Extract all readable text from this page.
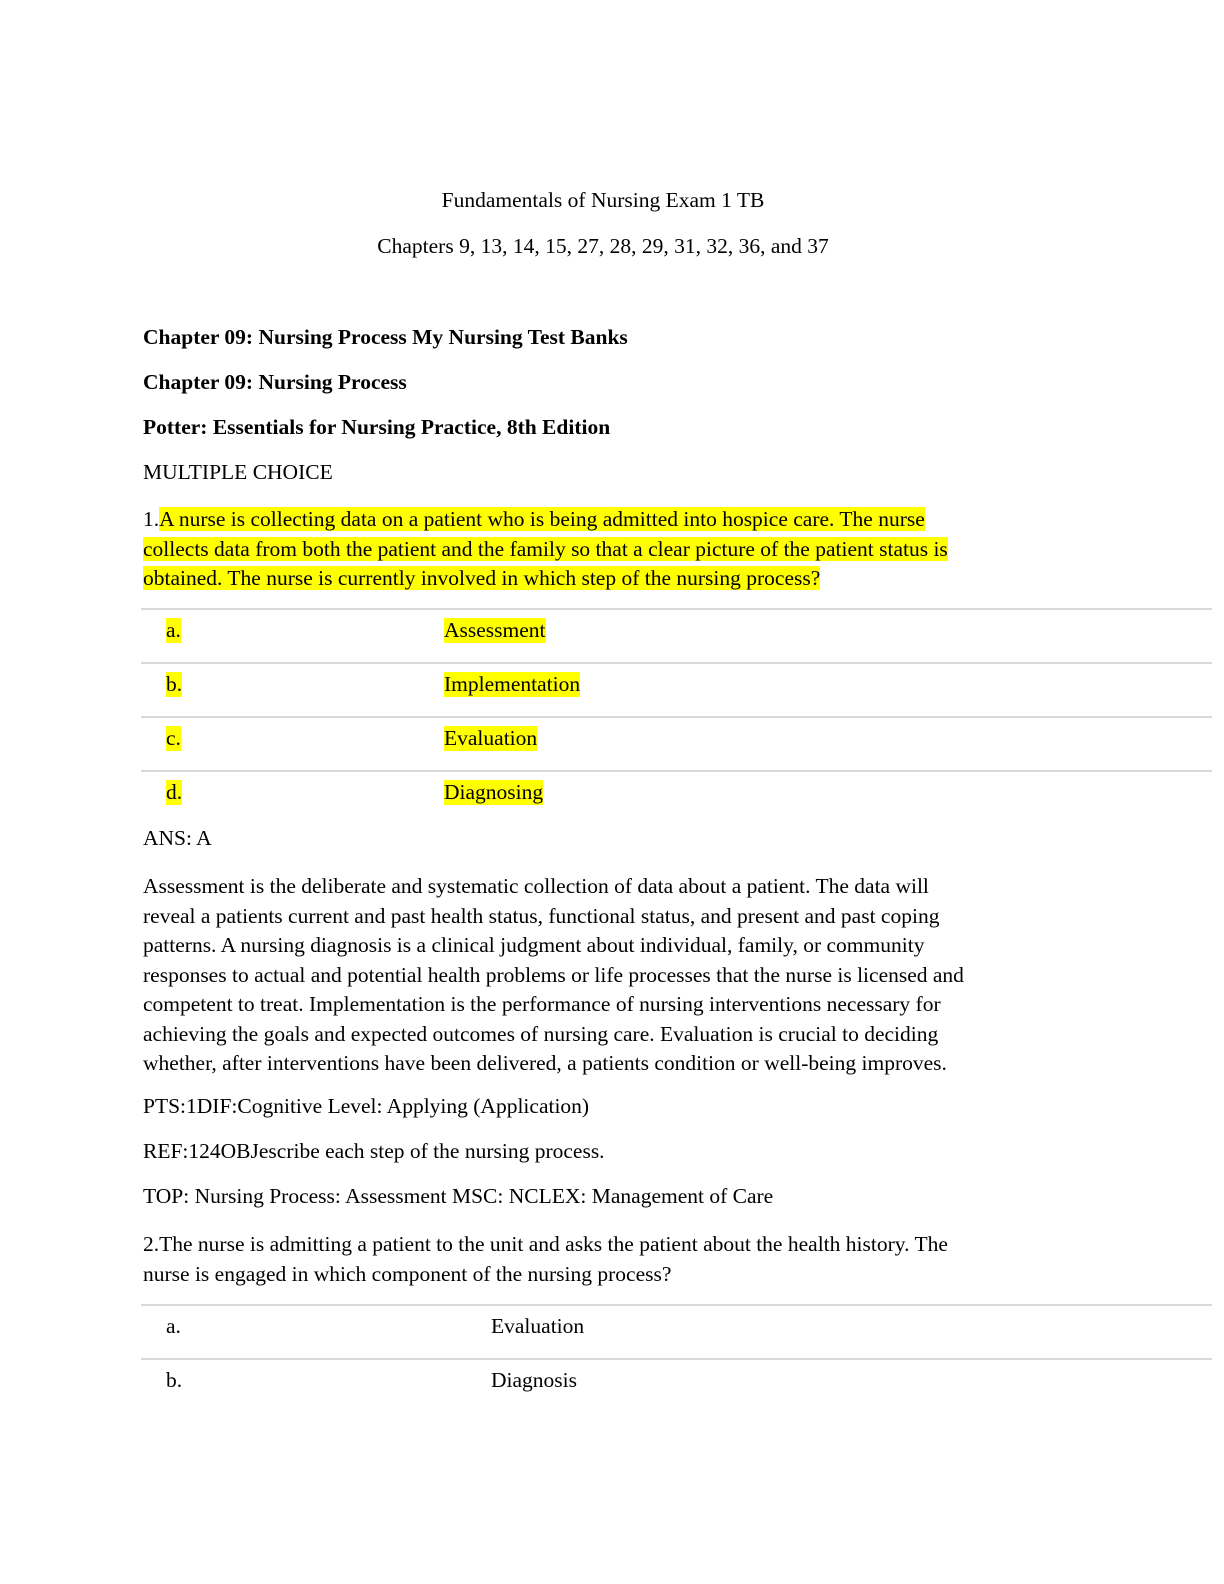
Fundamentals of Nursing Exam 1 TB
Chapters 9, 13, 14, 15, 27, 28, 29, 31, 32, 36, and 37
Chapter 09: Nursing Process My Nursing Test Banks
Chapter 09: Nursing Process
Potter: Essentials for Nursing Practice, 8th Edition
MULTIPLE CHOICE
1.A nurse is collecting data on a patient who is being admitted into hospice care. The nurse
collects data from both the patient and the family so that a clear picture of the patient status is
obtained. The nurse is currently involved in which step of the nursing process?
a.	Assessment
b.	Implementation
c.	Evaluation
d.	Diagnosing
ANS: A
Assessment is the deliberate and systematic collection of data about a patient. The data will
reveal a patients current and past health status, functional status, and present and past coping
patterns. A nursing diagnosis is a clinical judgment about individual, family, or community
responses to actual and potential health problems or life processes that the nurse is licensed and
competent to treat. Implementation is the performance of nursing interventions necessary for
achieving the goals and expected outcomes of nursing care. Evaluation is crucial to deciding
whether, after interventions have been delivered, a patients condition or well-being improves.
PTS:1DIF:Cognitive Level: Applying (Application)
REF:124OBJescribe each step of the nursing process.
TOP: Nursing Process: Assessment MSC: NCLEX: Management of Care
2.The nurse is admitting a patient to the unit and asks the patient about the health history. The
nurse is engaged in which component of the nursing process?
a.	Evaluation
b.	Diagnosis
